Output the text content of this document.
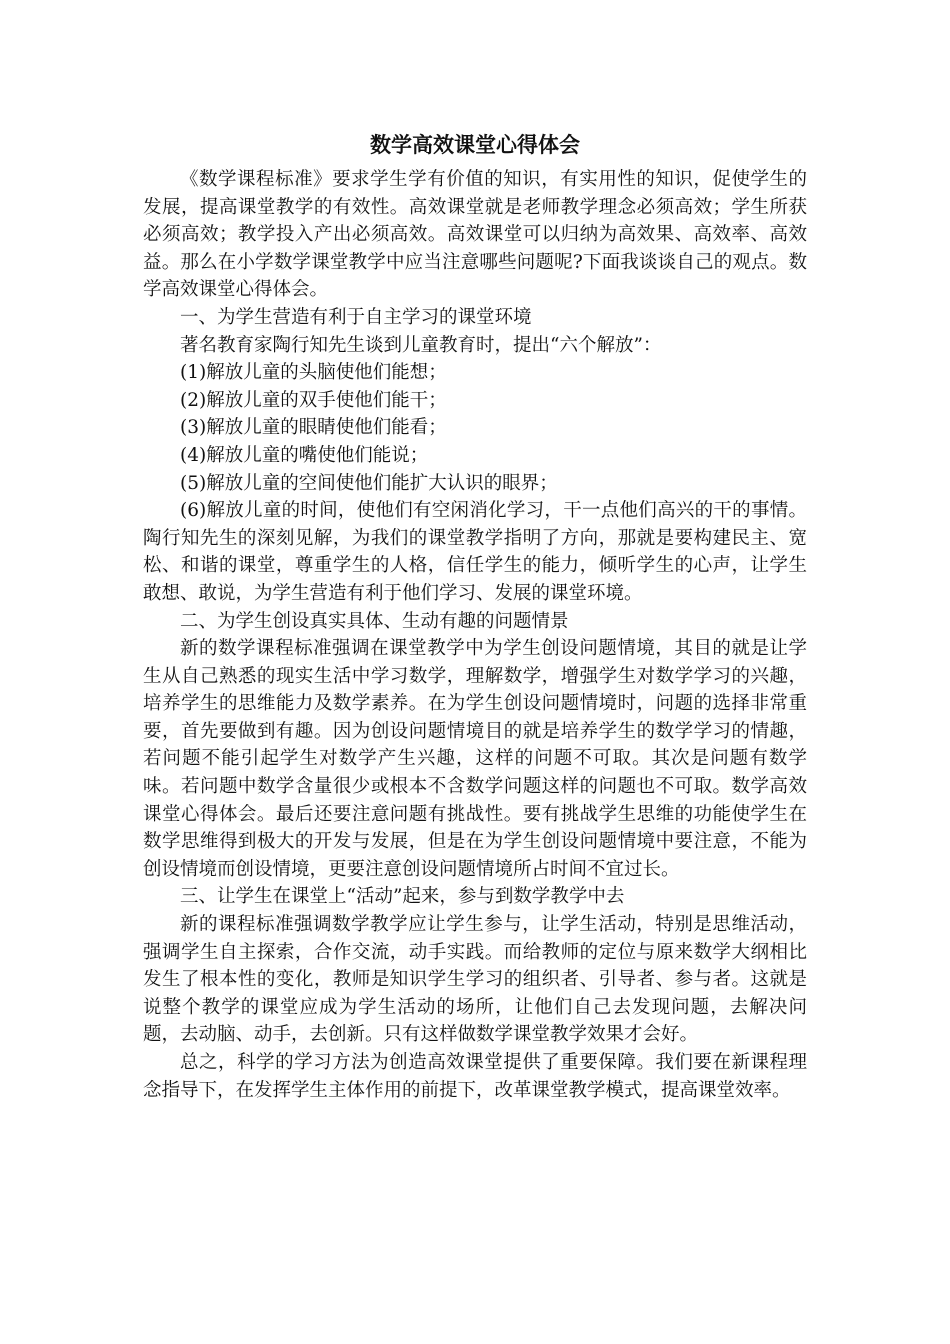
数学高效课堂心得体会

《数学课程标准》要求学生学有价值的知识，有实用性的知识，促使学生的发展，提高课堂教学的有效性。高效课堂就是老师教学理念必须高效；学生所获必须高效；教学投入产出必须高效。高效课堂可以归纳为高效果、高效率、高效益。那么在小学数学课堂教学中应当注意哪些问题呢?下面我谈谈自己的观点。数学高效课堂心得体会。

一、为学生营造有利于自主学习的课堂环境

著名教育家陶行知先生谈到儿童教育时，提出“六个解放”：

(1)解放儿童的头脑使他们能想；

(2)解放儿童的双手使他们能干；

(3)解放儿童的眼睛使他们能看；

(4)解放儿童的嘴使他们能说；

(5)解放儿童的空间使他们能扩大认识的眼界；

(6)解放儿童的时间，使他们有空闲消化学习，干一点他们高兴的干的事情。陶行知先生的深刻见解，为我们的课堂教学指明了方向，那就是要构建民主、宽松、和谐的课堂，尊重学生的人格，信任学生的能力，倾听学生的心声，让学生敢想、敢说，为学生营造有利于他们学习、发展的课堂环境。

二、为学生创设真实具体、生动有趣的问题情景

新的数学课程标准强调在课堂教学中为学生创设问题情境，其目的就是让学生从自己熟悉的现实生活中学习数学，理解数学，增强学生对数学学习的兴趣，培养学生的思维能力及数学素养。在为学生创设问题情境时，问题的选择非常重要，首先要做到有趣。因为创设问题情境目的就是培养学生的数学学习的情趣，若问题不能引起学生对数学产生兴趣，这样的问题不可取。其次是问题有数学味。若问题中数学含量很少或根本不含数学问题这样的问题也不可取。数学高效课堂心得体会。最后还要注意问题有挑战性。要有挑战学生思维的功能使学生在数学思维得到极大的开发与发展，但是在为学生创设问题情境中要注意，不能为创设情境而创设情境，更要注意创设问题情境所占时间不宜过长。

三、让学生在课堂上“活动”起来，参与到数学教学中去

新的课程标准强调数学教学应让学生参与，让学生活动，特别是思维活动，强调学生自主探索，合作交流，动手实践。而给教师的定位与原来数学大纲相比发生了根本性的变化，教师是知识学生学习的组织者、引导者、参与者。这就是说整个教学的课堂应成为学生活动的场所，让他们自己去发现问题，去解决问题，去动脑、动手，去创新。只有这样做数学课堂教学效果才会好。

总之，科学的学习方法为创造高效课堂提供了重要保障。我们要在新课程理念指导下，在发挥学生主体作用的前提下，改革课堂教学模式，提高课堂效率。
